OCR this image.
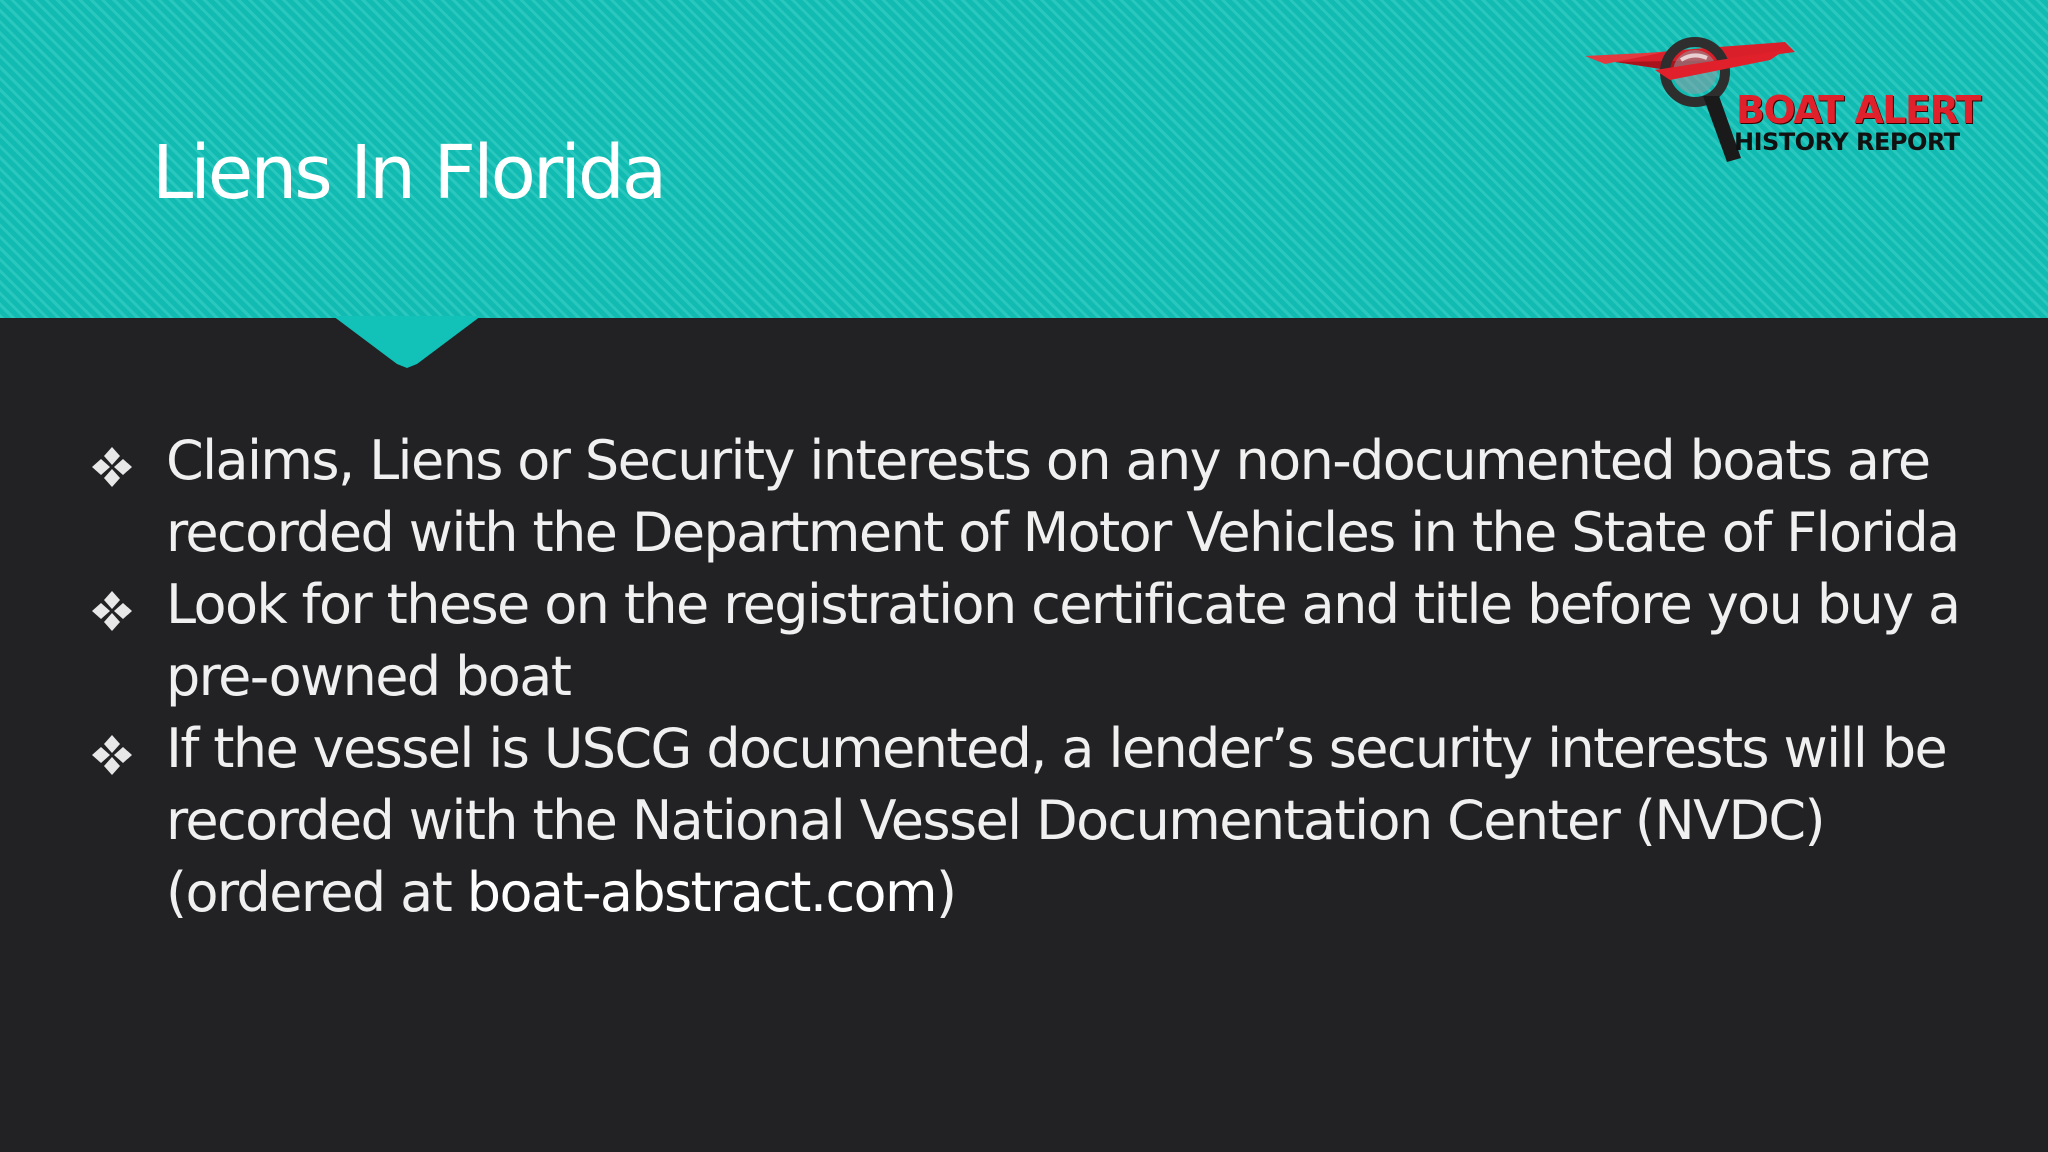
Liens In Florida
BOAT ALERT
HISTORY REPORT
Claims, Liens or Security interests on any non-documented boats are recorded with the Department of Motor Vehicles in the State of Florida
Look for these on the registration certificate and title before you buy a pre-owned boat
If the vessel is USCG documented, a lender’s security interests will be recorded with the National Vessel Documentation Center (NVDC) (ordered at boat-abstract.com)
